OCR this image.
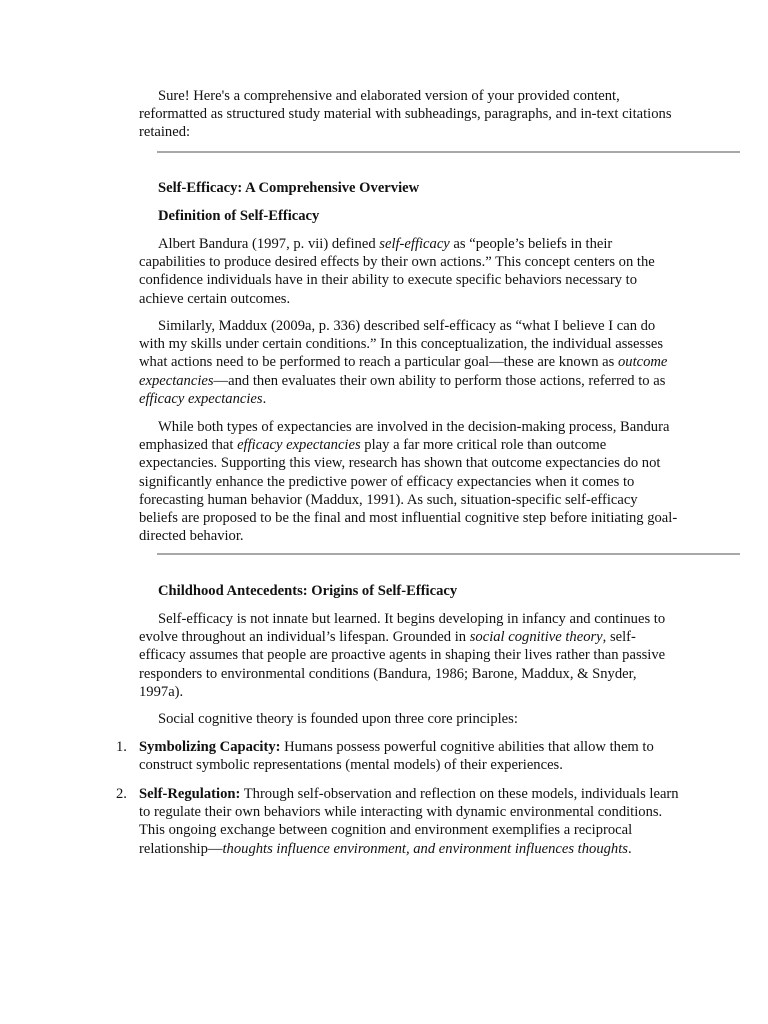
Sure! Here's a comprehensive and elaborated version of your provided content, reformatted as structured study material with subheadings, paragraphs, and in-text citations retained:

Self-Efficacy: A Comprehensive Overview

Definition of Self-Efficacy

Albert Bandura (1997, p. vii) defined self-efficacy as “people’s beliefs in their capabilities to produce desired effects by their own actions.” This concept centers on the confidence individuals have in their ability to execute specific behaviors necessary to achieve certain outcomes.

Similarly, Maddux (2009a, p. 336) described self-efficacy as “what I believe I can do with my skills under certain conditions.” In this conceptualization, the individual assesses what actions need to be performed to reach a particular goal—these are known as outcome expectancies—and then evaluates their own ability to perform those actions, referred to as efficacy expectancies.

While both types of expectancies are involved in the decision-making process, Bandura emphasized that efficacy expectancies play a far more critical role than outcome expectancies. Supporting this view, research has shown that outcome expectancies do not significantly enhance the predictive power of efficacy expectancies when it comes to forecasting human behavior (Maddux, 1991). As such, situation-specific self-efficacy beliefs are proposed to be the final and most influential cognitive step before initiating goal-directed behavior.

Childhood Antecedents: Origins of Self-Efficacy

Self-efficacy is not innate but learned. It begins developing in infancy and continues to evolve throughout an individual’s lifespan. Grounded in social cognitive theory, self-efficacy assumes that people are proactive agents in shaping their lives rather than passive responders to environmental conditions (Bandura, 1986; Barone, Maddux, & Snyder, 1997a).

Social cognitive theory is founded upon three core principles:

1. Symbolizing Capacity: Humans possess powerful cognitive abilities that allow them to construct symbolic representations (mental models) of their experiences.

2. Self-Regulation: Through self-observation and reflection on these models, individuals learn to regulate their own behaviors while interacting with dynamic environmental conditions. This ongoing exchange between cognition and environment exemplifies a reciprocal relationship—thoughts influence environment, and environment influences thoughts.
